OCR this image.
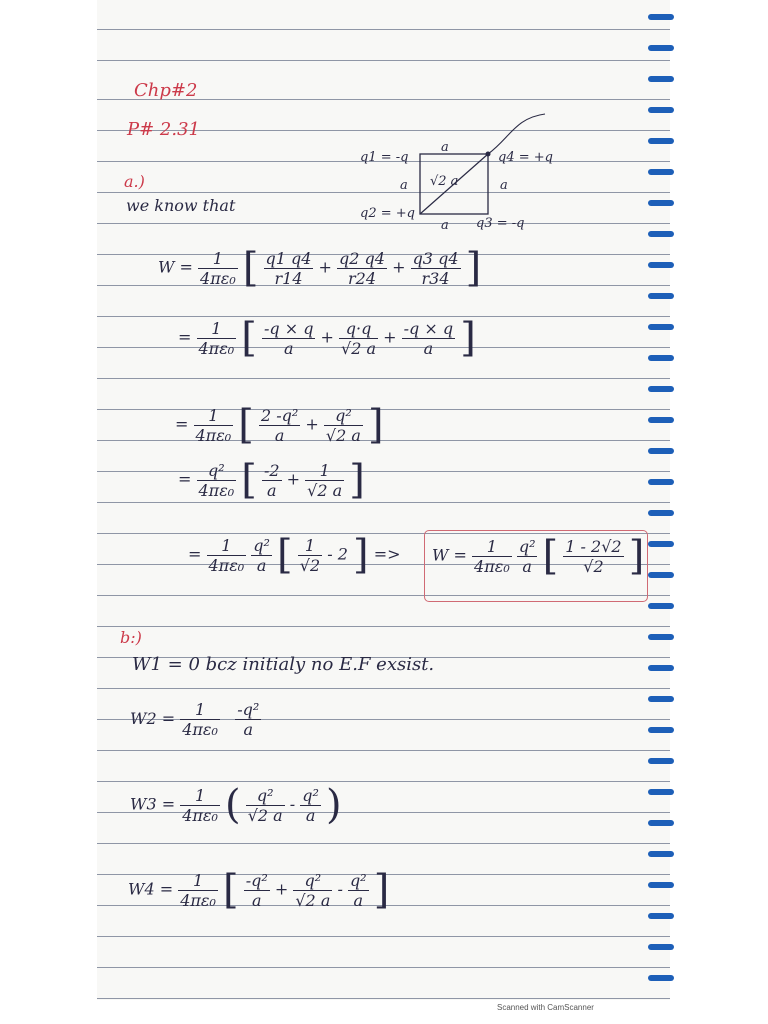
Chp#2
P# 2.31
a.)
we know that
q1 = -q	q4 = +q
q2 = +q
q3 = -q
a
a	a
a
√2 a
$W = \frac{1}{\text{4πε₀}}$ [ $\frac{q1 q4}{r14} + \frac{q2 q4}{r24} + \frac{q3 q4}{r34}$ ]
= $\frac{1}{\text{4πε₀}}$ [ $\frac{-q \times q}{a} + \frac{q\cdot q}{√2 a} + \frac{-q \times q}{a}$ ]
= $\frac{1}{\text{4πε₀}}$ [ $\frac{\text{2 -q²}}{a} + \frac{\text{q²}}{√2 a}$ ]
= $\frac{\text{q²}}{\text{4πε₀}}$ [ $\frac{-2}{a} + \frac{1}{√2 a}$ ]
= $\frac{1}{\text{4πε₀}}$
$\frac{\text{q²}}{a}$ [ $\frac{1}{√2} - 2$ ] => $W = \frac{1}{\text{4πε₀}}$
$\frac{\text{q²}}{a}$ [ $\frac{1 - 2√2}{√2}$ ]
b:)
W1 = 0 bcz initialy no E.F exsist.
$W2 = \frac{1}{\text{4πε₀}}$
$\frac{\text{-q²}}{a}$
$W3 = \frac{1}{\text{4πε₀}}$ ( $\frac{\text{q²}}{√2 a} - \frac{\text{q²}}{a}$ )
$W4 = \frac{1}{\text{4πε₀}}$ [ $\frac{\text{-q²}}{a} + \frac{\text{q²}}{√2 a} - \frac{\text{q²}}{a}$ ]
Scanned with CamScanner
